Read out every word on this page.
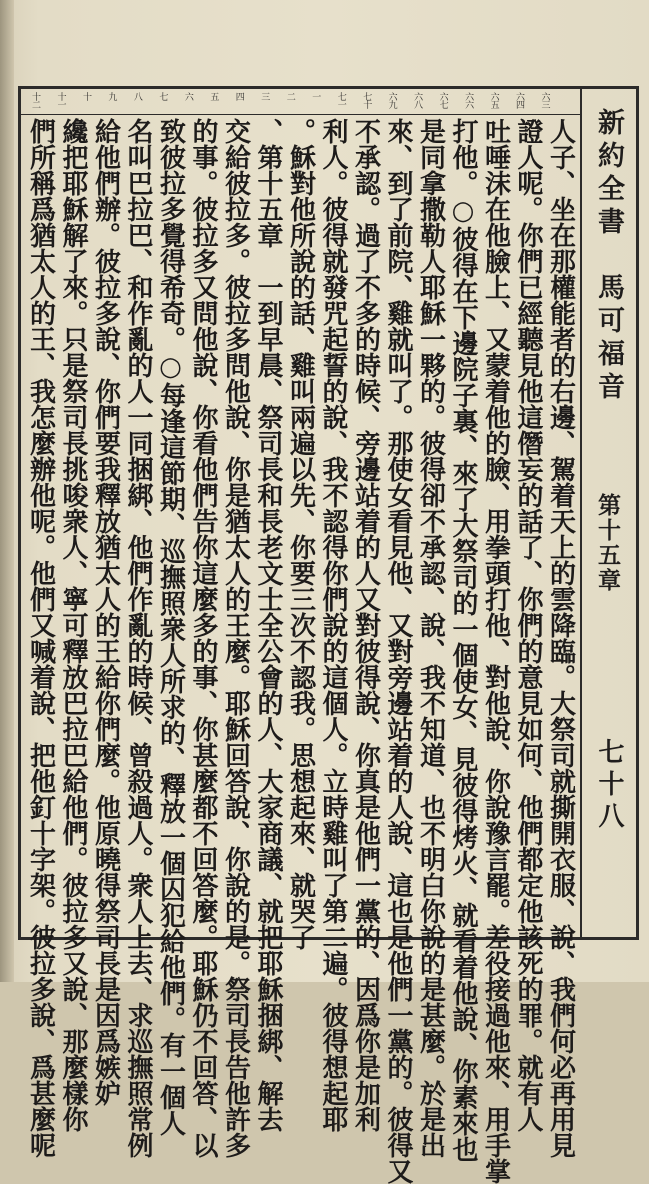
六三
六四
六五
六六
六七
六八
六九
七十
七一
一
二
三
四
五
六
七
八
九
十
十一
十二
新約全書　馬可福音
第十五章
七十八
人子、坐在那權能者的右邊、駕着天上的雲降臨。大祭司就撕開衣服、說、我們何必再用見
證人呢。你們已經聽見他這僭妄的話了、你們的意見如何、他們都定他該死的罪。就有人
吐唾沫在他臉上、又蒙着他的臉、用拳頭打他、對他說、你說豫言罷。差役接過他來、用手掌
打他。○彼得在下邊院子裏、來了大祭司的一個使女、見彼得烤火、就看着他說、你素來也
是同拿撒勒人耶穌一夥的。彼得卻不承認、說、我不知道、也不明白你說的是甚麼。於是出
來、到了前院、雞就叫了。那使女看見他、又對旁邊站着的人說、這也是他們一黨的。彼得又
不承認。過了不多的時候、旁邊站着的人又對彼得說、你真是他們一黨的、因爲你是加利
利人。彼得就發咒起誓的說、我不認得你們說的這個人。立時雞叫了第二遍。彼得想起耶
穌對他所說的話、雞叫兩遍以先、你要三次不認我。思想起來、就哭了。
第十五章　一到早晨、祭司長和長老文士全公會的人、大家商議、就把耶穌捆綁、解去、
交給彼拉多。彼拉多問他說、你是猶太人的王麼。耶穌回答說、你說的是。祭司長告他許多
的事。彼拉多又問他說、你看他們告你這麼多的事、你甚麼都不回答麼。耶穌仍不回答、以
致彼拉多覺得希奇。○每逢這節期、巡撫照衆人所求的、釋放一個囚犯給他們。有一個人
名叫巴拉巴、和作亂的人一同捆綁、他們作亂的時候、曾殺過人。衆人上去、求巡撫照常例
給他們辦。彼拉多說、你們要我釋放猶太人的王給你們麼。他原曉得祭司長是因爲嫉妒
纔把耶穌解了來。只是祭司長挑唆衆人、寧可釋放巴拉巴給他們。彼拉多又說、那麼樣你
們所稱爲猶太人的王、我怎麼辦他呢。他們又喊着說、把他釘十字架。彼拉多說、爲甚麼呢
